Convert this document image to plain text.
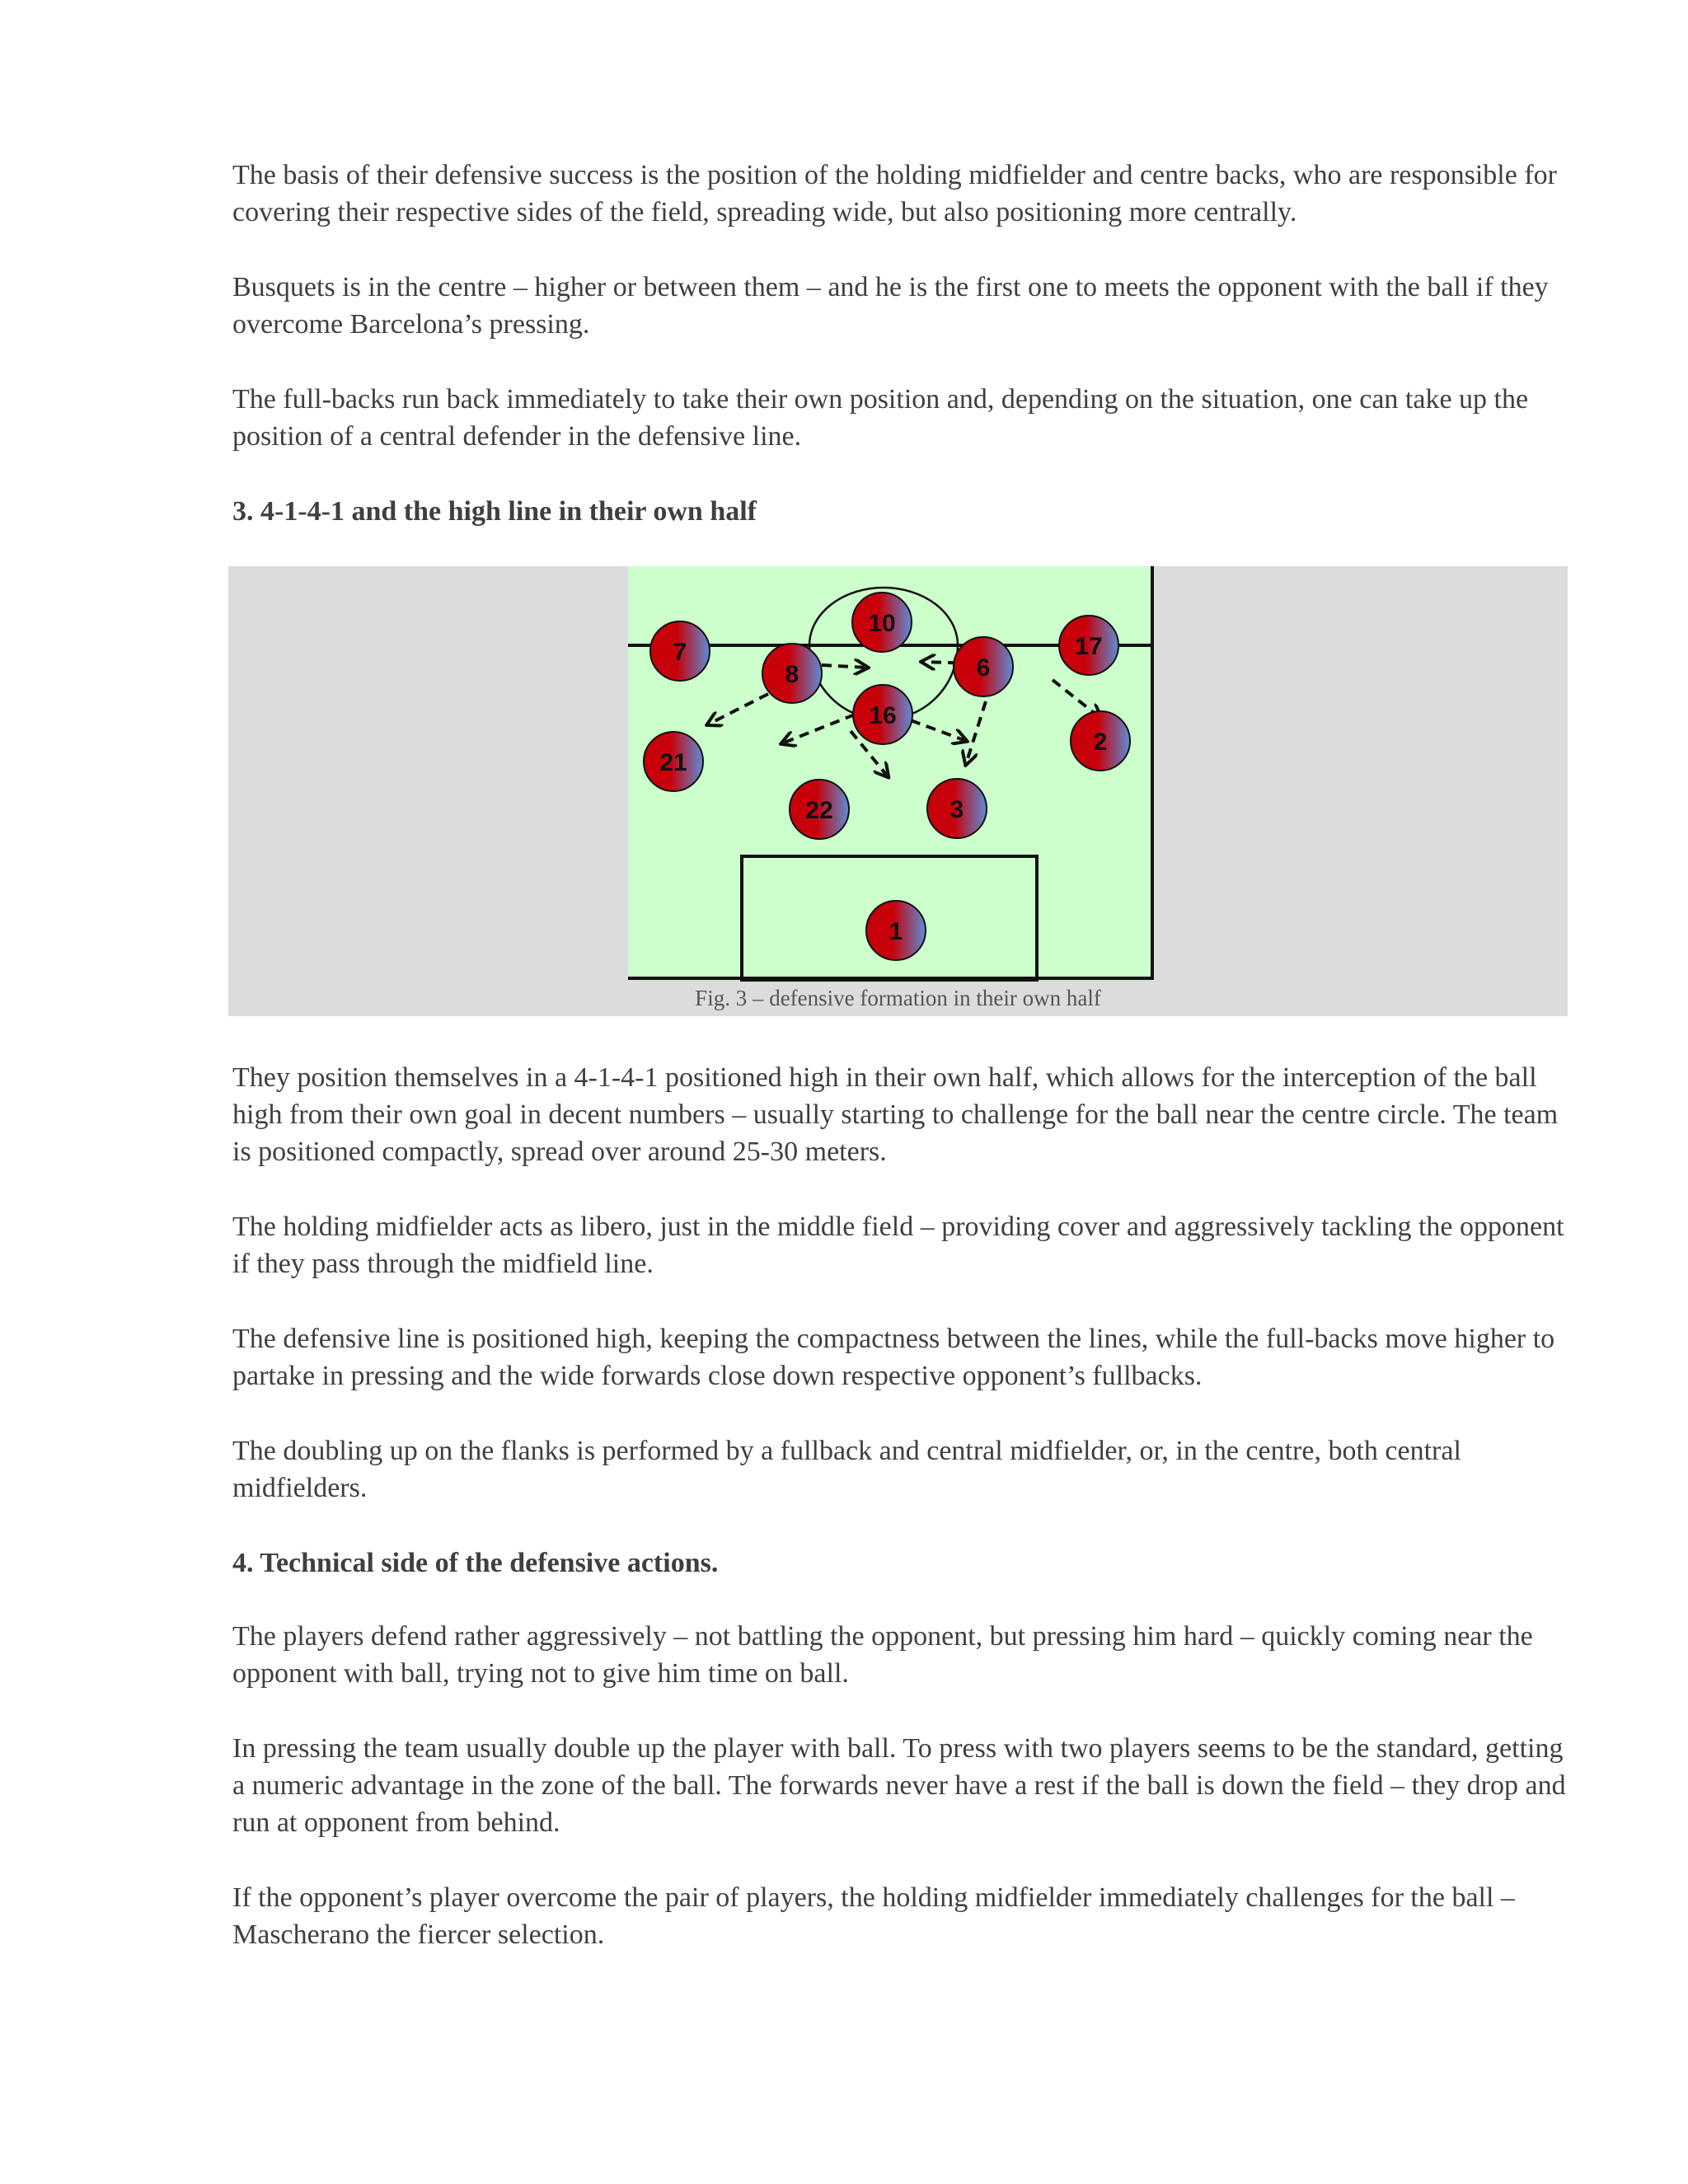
The basis of their defensive success is the position of the holding midfielder and centre backs, who are responsible for covering their respective sides of the field, spreading wide, but also positioning more centrally.

Busquets is in the centre – higher or between them – and he is the first one to meets the opponent with the ball if they overcome Barcelona’s pressing.

The full-backs run back immediately to take their own position and, depending on the situation, one can take up the position of a central defender in the defensive line.

3. 4-1-4-1 and the high line in their own half
10
7
8	6
17
16
21
2
22	3
1
Fig. 3 – defensive formation in their own half

They position themselves in a 4-1-4-1 positioned high in their own half, which allows for the interception of the ball high from their own goal in decent numbers – usually starting to challenge for the ball near the centre circle. The team is positioned compactly, spread over around 25-30 meters.

The holding midfielder acts as libero, just in the middle field – providing cover and aggressively tackling the opponent if they pass through the midfield line.

The defensive line is positioned high, keeping the compactness between the lines, while the full-backs move higher to partake in pressing and the wide forwards close down respective opponent’s fullbacks.

The doubling up on the flanks is performed by a fullback and central midfielder, or, in the centre, both central midfielders.

4. Technical side of the defensive actions.

The players defend rather aggressively – not battling the opponent, but pressing him hard – quickly coming near the opponent with ball, trying not to give him time on ball.

In pressing the team usually double up the player with ball. To press with two players seems to be the standard, getting a numeric advantage in the zone of the ball. The forwards never have a rest if the ball is down the field – they drop and run at opponent from behind.

If the opponent’s player overcome the pair of players, the holding midfielder immediately challenges for the ball – Mascherano the fiercer selection.
